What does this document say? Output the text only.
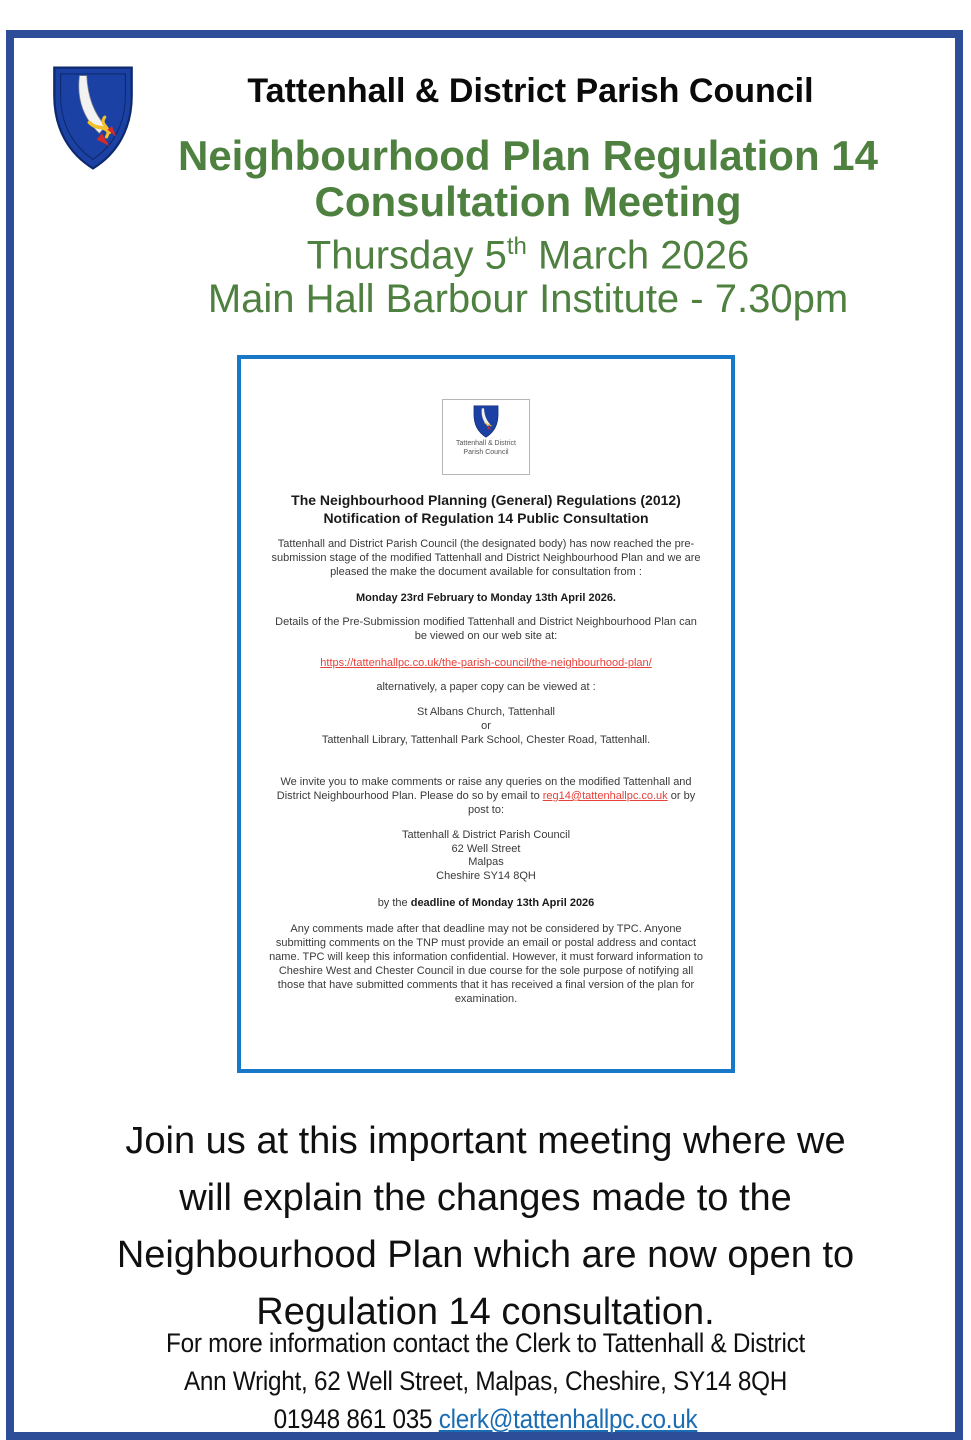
Tattenhall & District Parish Council
Neighbourhood Plan Regulation 14
Consultation Meeting
Thursday 5th March 2026
Main Hall Barbour Institute - 7.30pm
Tattenhall & District
Parish Council
The Neighbourhood Planning (General) Regulations (2012)
Notification of Regulation 14 Public Consultation

Tattenhall and District Parish Council (the designated body) has now reached the pre-submission stage of the modified Tattenhall and District Neighbourhood Plan and we are pleased the make the document available for consultation from :

Monday 23rd February to Monday 13th April 2026.

Details of the Pre-Submission modified Tattenhall and District Neighbourhood Plan can be viewed on our web site at:

https://tattenhallpc.co.uk/the-parish-council/the-neighbourhood-plan/

alternatively, a paper copy can be viewed at :

St Albans Church, Tattenhall

or

Tattenhall Library, Tattenhall Park School, Chester Road, Tattenhall.

We invite you to make comments or raise any queries on the modified Tattenhall and District Neighbourhood Plan. Please do so by email to reg14@tattenhallpc.co.uk or by post to:

Tattenhall & District Parish Council
62 Well Street
Malpas
Cheshire SY14 8QH

by the deadline of Monday 13th April 2026

Any comments made after that deadline may not be considered by TPC. Anyone submitting comments on the TNP must provide an email or postal address and contact name. TPC will keep this information confidential. However, it must forward information to Cheshire West and Chester Council in due course for the sole purpose of notifying all those that have submitted comments that it has received a final version of the plan for examination.

Join us at this important meeting where we
will explain the changes made to the
Neighbourhood Plan which are now open to
Regulation 14 consultation.
For more information contact the Clerk to Tattenhall & District
Ann Wright, 62 Well Street, Malpas, Cheshire, SY14 8QH
01948 861 035 clerk@tattenhallpc.co.uk
